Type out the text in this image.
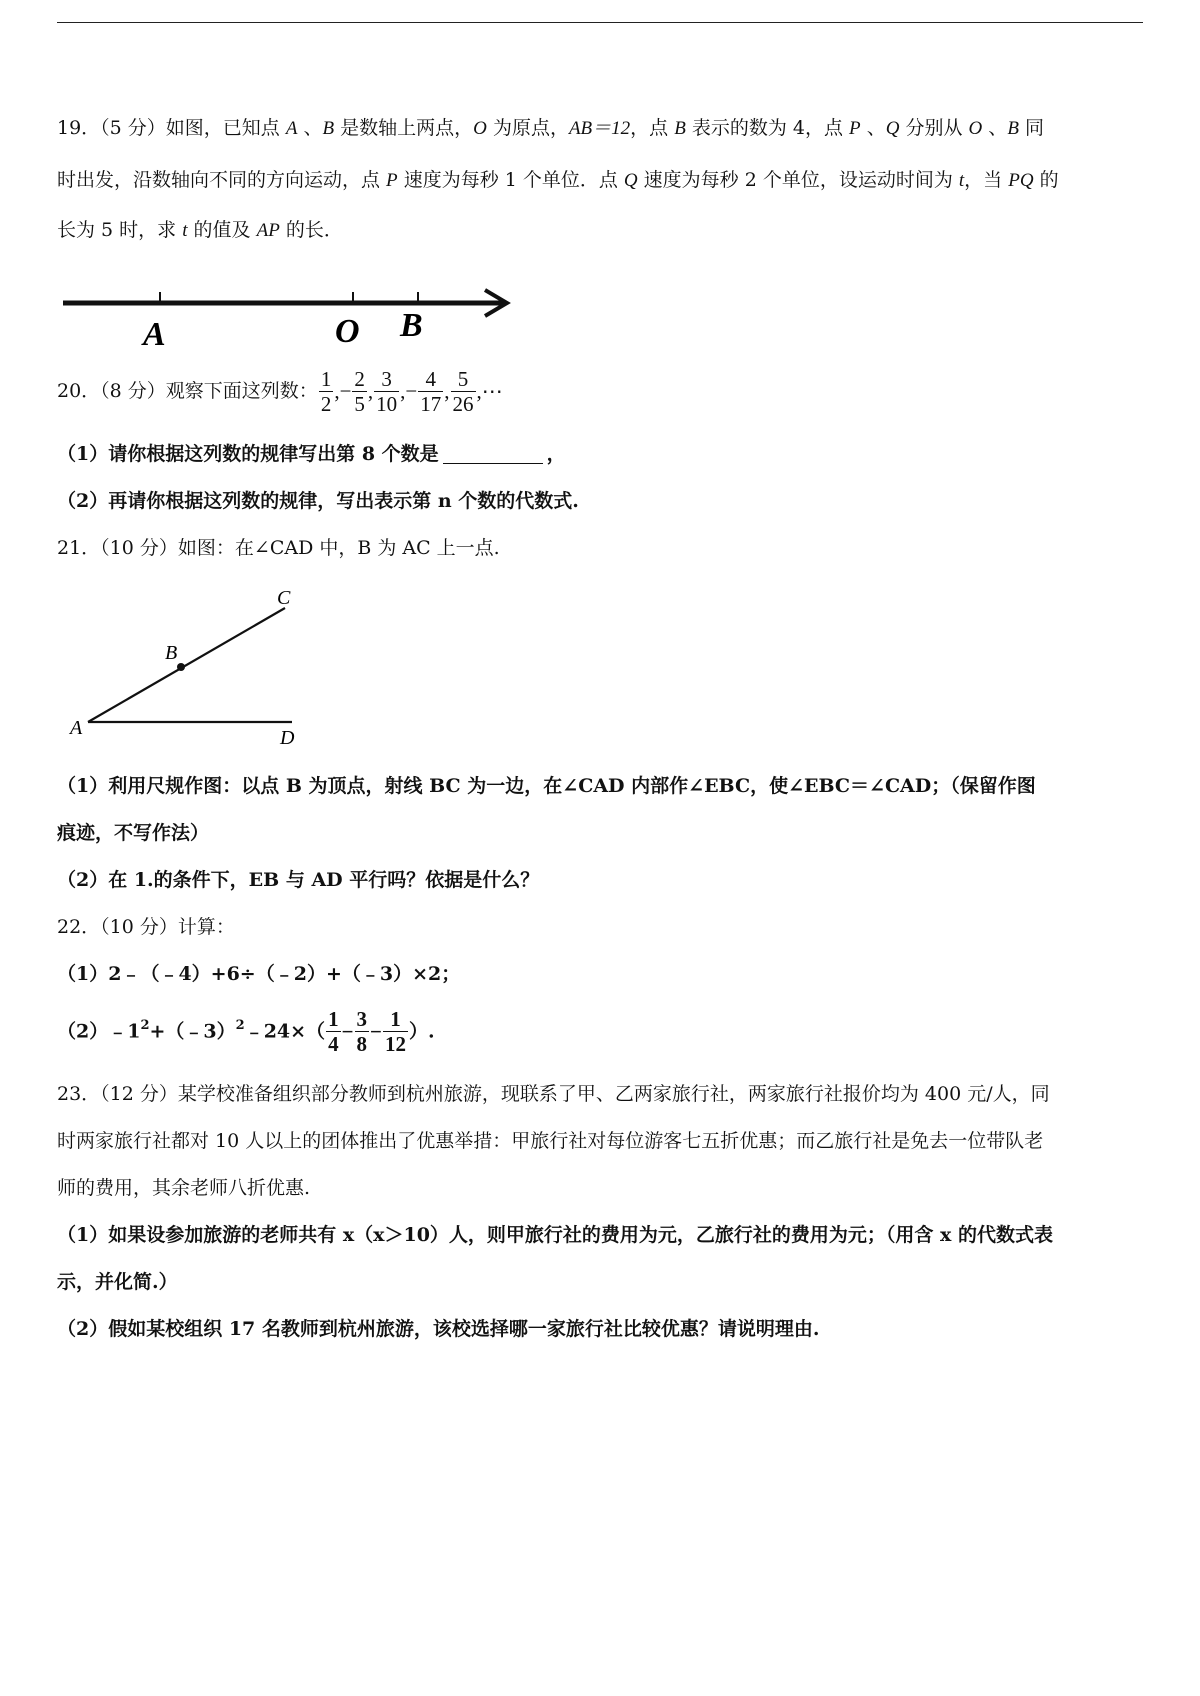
19．（5 分）如图，已知点 A 、B 是数轴上两点，O 为原点，AB＝12，点 B 表示的数为 4，点 P 、Q 分别从 O 、B 同
时出发，沿数轴向不同的方向运动，点 P 速度为每秒 1 个单位．点 Q 速度为每秒 2 个单位，设运动时间为 t，当 PQ 的
长为 5 时，求 t 的值及 AP 的长．
A	O B
20．（8 分）观察下面这列数： $\frac{1}{2}$ ,− $\frac{2}{5}$ , $\frac{3}{10}$ ,− $\frac{4}{17}$ , $\frac{5}{26}$ ,⋯
（1）请你根据这列数的规律写出第 8 个数是	，
（2）再请你根据这列数的规律，写出表示第 n 个数的代数式.
21．（10 分）如图：在∠CAD 中，B 为 AC 上一点.
A
B
C
D
（1）利用尺规作图：以点 B 为顶点，射线 BC 为一边，在∠CAD 内部作∠EBC，使∠EBC＝∠CAD；（保留作图
痕迹，不写作法）
（2）在 1.的条件下，EB 与 AD 平行吗？依据是什么？
22．（10 分）计算：
（1）2﹣（﹣4）+6÷（﹣2）+（﹣3）×2；
$(2)﹣1^2+(﹣3)^2﹣24\times( \frac{1}{4} - \frac{3}{8} - \frac{1}{12}$ ）.
23．（12 分）某学校准备组织部分教师到杭州旅游，现联系了甲、乙两家旅行社，两家旅行社报价均为 400 元/人，同
时两家旅行社都对 10 人以上的团体推出了优惠举措：甲旅行社对每位游客七五折优惠；而乙旅行社是免去一位带队老
师的费用，其余老师八折优惠.
（1）如果设参加旅游的老师共有 x（x＞10）人，则甲旅行社的费用为元，乙旅行社的费用为元；（用含 x 的代数式表
示，并化简.）
（2）假如某校组织 17 名教师到杭州旅游，该校选择哪一家旅行社比较优惠？请说明理由.
